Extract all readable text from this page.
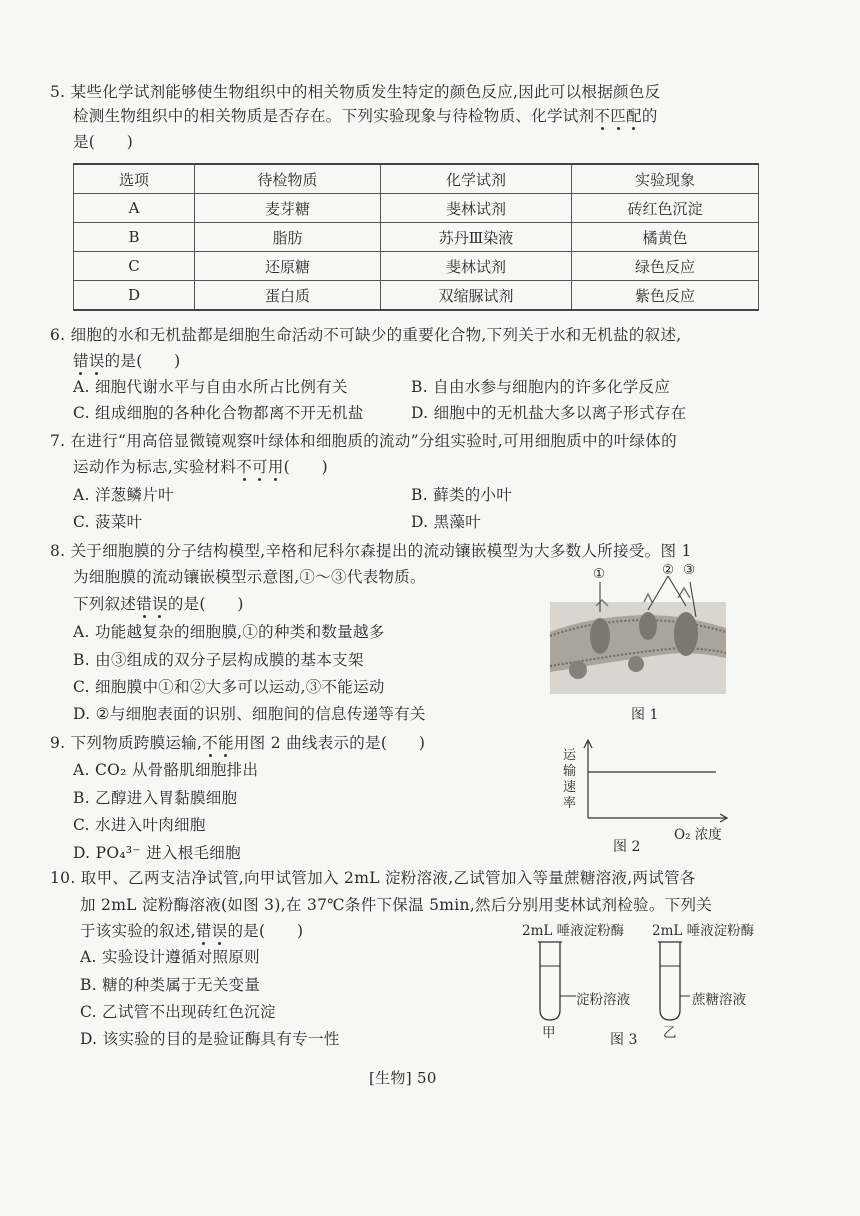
5. 某些化学试剂能够使生物组织中的相关物质发生特定的颜色反应,因此可以根据颜色反
检测生物组织中的相关物质是否存在。下列实验现象与待检物质、化学试剂不匹配的
是(　　)
选项	待检物质	化学试剂	实验现象
A	麦芽糖	斐林试剂	砖红色沉淀
B	脂肪	苏丹Ⅲ染液	橘黄色
C	还原糖	斐林试剂	绿色反应
D	蛋白质	双缩脲试剂	紫色反应
6. 细胞的水和无机盐都是细胞生命活动不可缺少的重要化合物,下列关于水和无机盐的叙述,
错误的是(　　)
A. 细胞代谢水平与自由水所占比例有关	B. 自由水参与细胞内的许多化学反应
C. 组成细胞的各种化合物都离不开无机盐	D. 细胞中的无机盐大多以离子形式存在
7. 在进行“用高倍显微镜观察叶绿体和细胞质的流动”分组实验时,可用细胞质中的叶绿体的
运动作为标志,实验材料不可用(　　)
A. 洋葱鳞片叶	B. 藓类的小叶
C. 菠菜叶	D. 黑藻叶
8. 关于细胞膜的分子结构模型,辛格和尼科尔森提出的流动镶嵌模型为大多数人所接受。图 1
为细胞膜的流动镶嵌模型示意图,①～③代表物质。
下列叙述错误的是(　　)
A. 功能越复杂的细胞膜,①的种类和数量越多
B. 由③组成的双分子层构成膜的基本支架
C. 细胞膜中①和②大多可以运动,③不能运动
D. ②与细胞表面的识别、细胞间的信息传递等有关
①	② ③
图 1
9. 下列物质跨膜运输,不能用图 2 曲线表示的是(　　)
A. CO₂ 从骨骼肌细胞排出
B. 乙醇进入胃黏膜细胞
C. 水进入叶肉细胞
D. PO₄³⁻ 进入根毛细胞
运输速率
O₂ 浓度
图 2
10. 取甲、乙两支洁净试管,向甲试管加入 2mL 淀粉溶液,乙试管加入等量蔗糖溶液,两试管各
加 2mL 淀粉酶溶液(如图 3),在 37℃条件下保温 5min,然后分别用斐林试剂检验。下列关
于该实验的叙述,错误的是(　　)
A. 实验设计遵循对照原则
B. 糖的种类属于无关变量
C. 乙试管不出现砖红色沉淀
D. 该实验的目的是验证酶具有专一性
2mL 唾液淀粉酶 2mL 唾液淀粉酶
淀粉溶液	蔗糖溶液
甲	乙
图 3
[生物] 50
